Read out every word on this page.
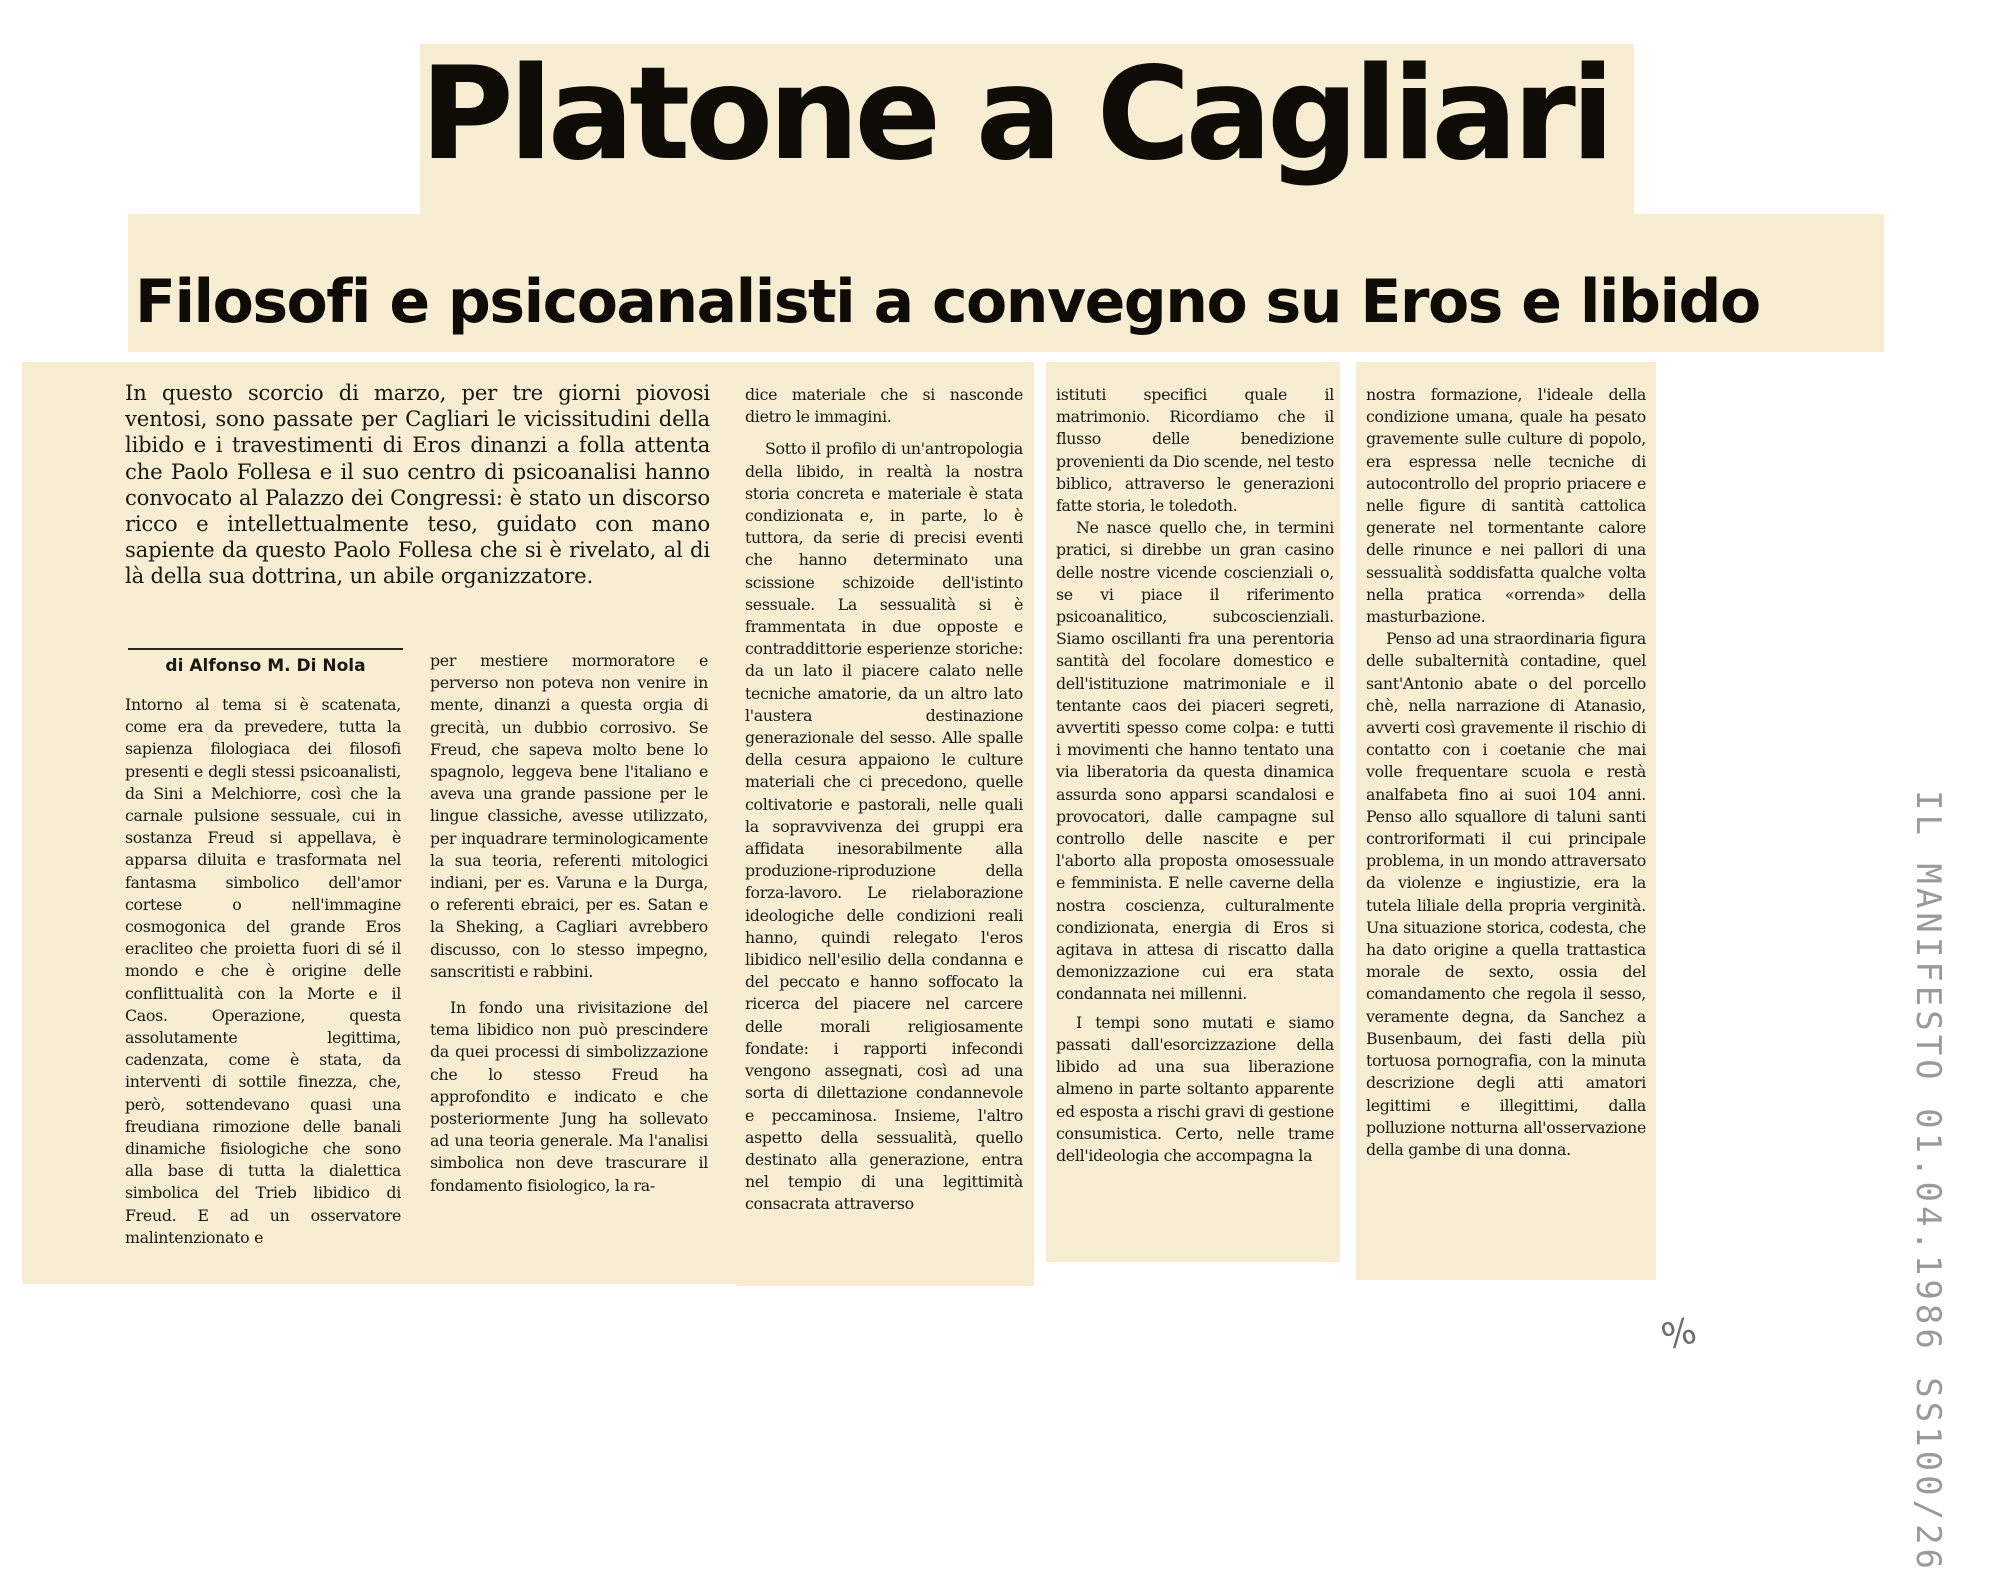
Platone a Cagliari
Filosofi e psicoanalisti a convegno su Eros e libido

In questo scorcio di marzo, per tre giorni piovosi ventosi, sono passate per Cagliari le vicissitudini della libido e i travestimenti di Eros dinanzi a folla attenta che Paolo Follesa e il suo centro di psicoanalisi hanno convocato al Palazzo dei Congressi: è stato un discorso ricco e intellettualmente teso, guidato con mano sapiente da questo Paolo Follesa che si è rivelato, al di là della sua dottrina, un abile organizzatore.

di Alfonso M. Di Nola

Intorno al tema si è scatenata, come era da prevedere, tutta la sapienza filologiaca dei filosofi presenti e degli stessi psicoanalisti, da Sini a Melchiorre, così che la carnale pulsione sessuale, cui in sostanza Freud si appellava, è apparsa diluita e trasformata nel fantasma simbolico dell'amor cortese o nell'immagine cosmogonica del grande Eros eracliteo che proietta fuori di sé il mondo e che è origine delle conflittualità con la Morte e il Caos. Operazione, questa assolutamente legittima, cadenzata, come è stata, da interventi di sottile finezza, che, però, sottendevano quasi una freudiana rimozione delle banali dinamiche fisiologiche che sono alla base di tutta la dialettica simbolica del Trieb libidico di Freud. E ad un osservatore malintenzionato e

per mestiere mormoratore e perverso non poteva non venire in mente, dinanzi a questa orgia di grecità, un dubbio corrosivo. Se Freud, che sapeva molto bene lo spagnolo, leggeva bene l'italiano e aveva una grande passione per le lingue classiche, avesse utilizzato, per inquadrare terminologicamente la sua teoria, referenti mitologici indiani, per es. Varuna e la Durga, o referenti ebraici, per es. Satan e la Sheking, a Cagliari avrebbero discusso, con lo stesso impegno, sanscritisti e rabbini.

In fondo una rivisitazione del tema libidico non può prescindere da quei processi di simbolizzazione che lo stesso Freud ha approfondito e indicato e che posteriormente Jung ha sollevato ad una teoria generale. Ma l'analisi simbolica non deve trascurare il fondamento fisiologico, la ra-

dice materiale che si nasconde dietro le immagini.

Sotto il profilo di un'antropologia della libido, in realtà la nostra storia concreta e materiale è stata condizionata e, in parte, lo è tuttora, da serie di precisi eventi che hanno determinato una scissione schizoide dell'istinto sessuale. La sessualità si è frammentata in due opposte e contraddittorie esperienze storiche: da un lato il piacere calato nelle tecniche amatorie, da un altro lato l'austera destinazione generazionale del sesso. Alle spalle della cesura appaiono le culture materiali che ci precedono, quelle coltivatorie e pastorali, nelle quali la sopravvivenza dei gruppi era affidata inesorabilmente alla produzione-riproduzione della forza-lavoro. Le rielaborazione ideologiche delle condizioni reali hanno, quindi relegato l'eros libidico nell'esilio della condanna e del peccato e hanno soffocato la ricerca del piacere nel carcere delle morali religiosamente fondate: i rapporti infecondi vengono assegnati, così ad una sorta di dilettazione condannevole e peccaminosa. Insieme, l'altro aspetto della sessualità, quello destinato alla generazione, entra nel tempio di una legittimità consacrata attraverso

istituti specifici quale il matrimonio. Ricordiamo che il flusso delle benedizione provenienti da Dio scende, nel testo biblico, attraverso le generazioni fatte storia, le toledoth.

Ne nasce quello che, in termini pratici, si direbbe un gran casino delle nostre vicende coscienziali o, se vi piace il riferimento psicoanalitico, subcoscienziali. Siamo oscillanti fra una perentoria santità del focolare domestico e dell'istituzione matrimoniale e il tentante caos dei piaceri segreti, avvertiti spesso come colpa: e tutti i movimenti che hanno tentato una via liberatoria da questa dinamica assurda sono apparsi scandalosi e provocatori, dalle campagne sul controllo delle nascite e per l'aborto alla proposta omosessuale e femminista. E nelle caverne della nostra coscienza, culturalmente condizionata, energia di Eros si agitava in attesa di riscatto dalla demonizzazione cui era stata condannata nei millenni.

I tempi sono mutati e siamo passati dall'esorcizzazione della libido ad una sua liberazione almeno in parte soltanto apparente ed esposta a rischi gravi di gestione consumistica. Certo, nelle trame dell'ideologia che accompagna la

nostra formazione, l'ideale della condizione umana, quale ha pesato gravemente sulle culture di popolo, era espressa nelle tecniche di autocontrollo del proprio priacere e nelle figure di santità cattolica generate nel tormentante calore delle rinunce e nei pallori di una sessualità soddisfatta qualche volta nella pratica «orrenda» della masturbazione.

Penso ad una straordinaria figura delle subalternità contadine, quel sant'Antonio abate o del porcello chè, nella narrazione di Atanasio, avverti così gravemente il rischio di contatto con i coetanie che mai volle frequentare scuola e restà analfabeta fino ai suoi 104 anni. Penso allo squallore di taluni santi controriformati il cui principale problema, in un mondo attraversato da violenze e ingiustizie, era la tutela liliale della propria verginità. Una situazione storica, codesta, che ha dato origine a quella trattastica morale de sexto, ossia del comandamento che regola il sesso, veramente degna, da Sanchez a Busenbaum, dei fasti della più tortuosa pornografia, con la minuta descrizione degli atti amatori legittimi e illegittimi, dalla polluzione notturna all'osservazione della gambe di una donna.	IL MANIFESTO 01.04.1986 SS100/26

%
